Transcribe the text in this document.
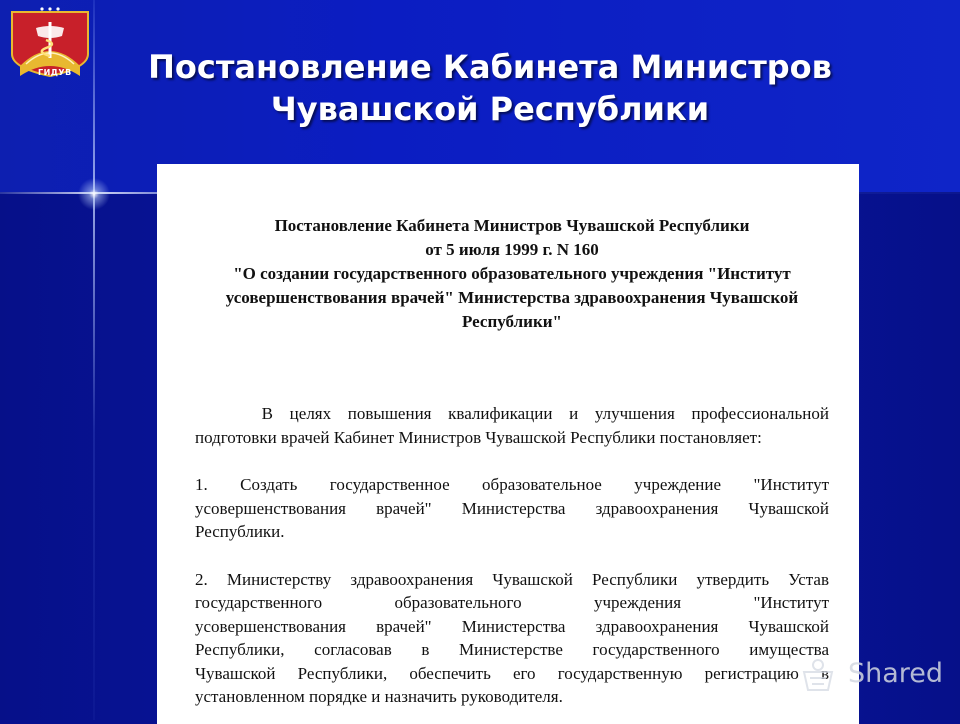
ГИДУВ	Постановление Кабинета Министров
Чувашской Республики
Постановление Кабинета Министров Чувашской Республики
от 5 июля 1999 г. N 160
"О создании государственного образовательного учреждения "Институт
усовершенствования врачей" Министерства здравоохранения Чувашской
Республики"
В целях повышения квалификации и улучшения профессиональной
подготовки врачей Кабинет Министров Чувашской Республики постановляет:
1. Создать государственное образовательное учреждение "Институт
усовершенствования врачей" Министерства здравоохранения Чувашской
Республики.
2. Министерству здравоохранения Чувашской Республики утвердить Устав
государственного образовательного учреждения "Институт
усовершенствования врачей" Министерства здравоохранения Чувашской
Республики, согласовав в Министерстве государственного имущества
Чувашской Республики, обеспечить его государственную регистрацию в
установленном порядке и назначить руководителя.
Shared
